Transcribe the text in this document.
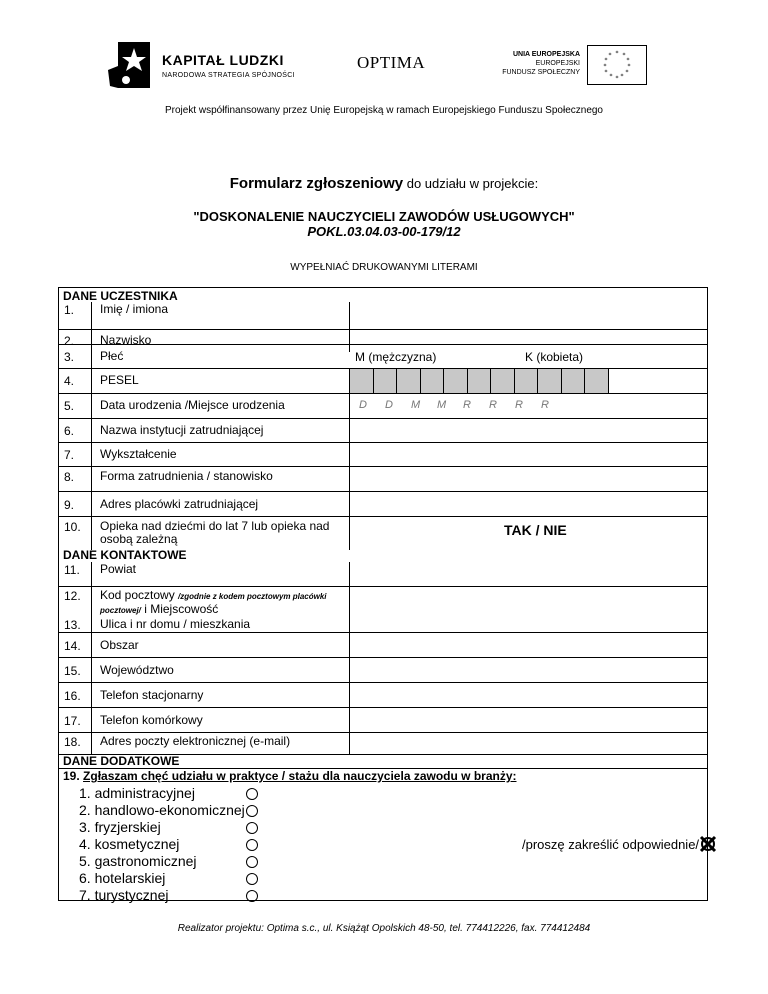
KAPITAŁ LUDZKI
NARODOWA STRATEGIA SPÓJNOŚCI
OPTIMA	UNIA EUROPEJSKA
EUROPEJSKI
FUNDUSZ SPOŁECZNY
* *
*
*
*
*
*
*
*
*
*
*
Projekt współfinansowany przez Unię Europejską w ramach Europejskiego Funduszu Społecznego
Formularz zgłoszeniowy do udziału w projekcie:
"DOSKONALENIE NAUCZYCIELI ZAWODÓW USŁUGOWYCH"
POKL.03.04.03-00-179/12
WYPEŁNIAĆ DRUKOWANYMI LITERAMI
DANE UCZESTNIKA
1. Imię / imiona
2. Nazwisko
3. Płeć	M (mężczyzna)	K (kobieta)
4. PESEL
5. Data urodzenia /Miejsce urodzenia	D	D	M	M	R	R	R	R
6. Nazwa instytucji zatrudniającej
7. Wykształcenie
8. Forma zatrudnienia / stanowisko
9. Adres placówki zatrudniającej
10. Opieka nad dziećmi do lat 7 lub opieka nad
osobą zależną
TAK / NIE
DANE KONTAKTOWE
11. Powiat
12. Kod pocztowy /zgodnie z kodem pocztowym placówki
pocztowej/ i Miejscowość
13. Ulica i nr domu / mieszkania
14. Obszar
15. Województwo
16. Telefon stacjonarny
17. Telefon komórkowy
18. Adres poczty elektronicznej (e-mail)
DANE DODATKOWE
19. Zgłaszam chęć udziału w praktyce / stażu dla nauczyciela zawodu w branży:
1. administracyjnej
2. handlowo-ekonomicznej
3. fryzjerskiej
4. kosmetycznej
5. gastronomicznej
6. hotelarskiej
7. turystycznej
/proszę zakreślić odpowiednie/
Realizator projektu: Optima s.c., ul. Książąt Opolskich 48-50, tel. 774412226, fax. 774412484
